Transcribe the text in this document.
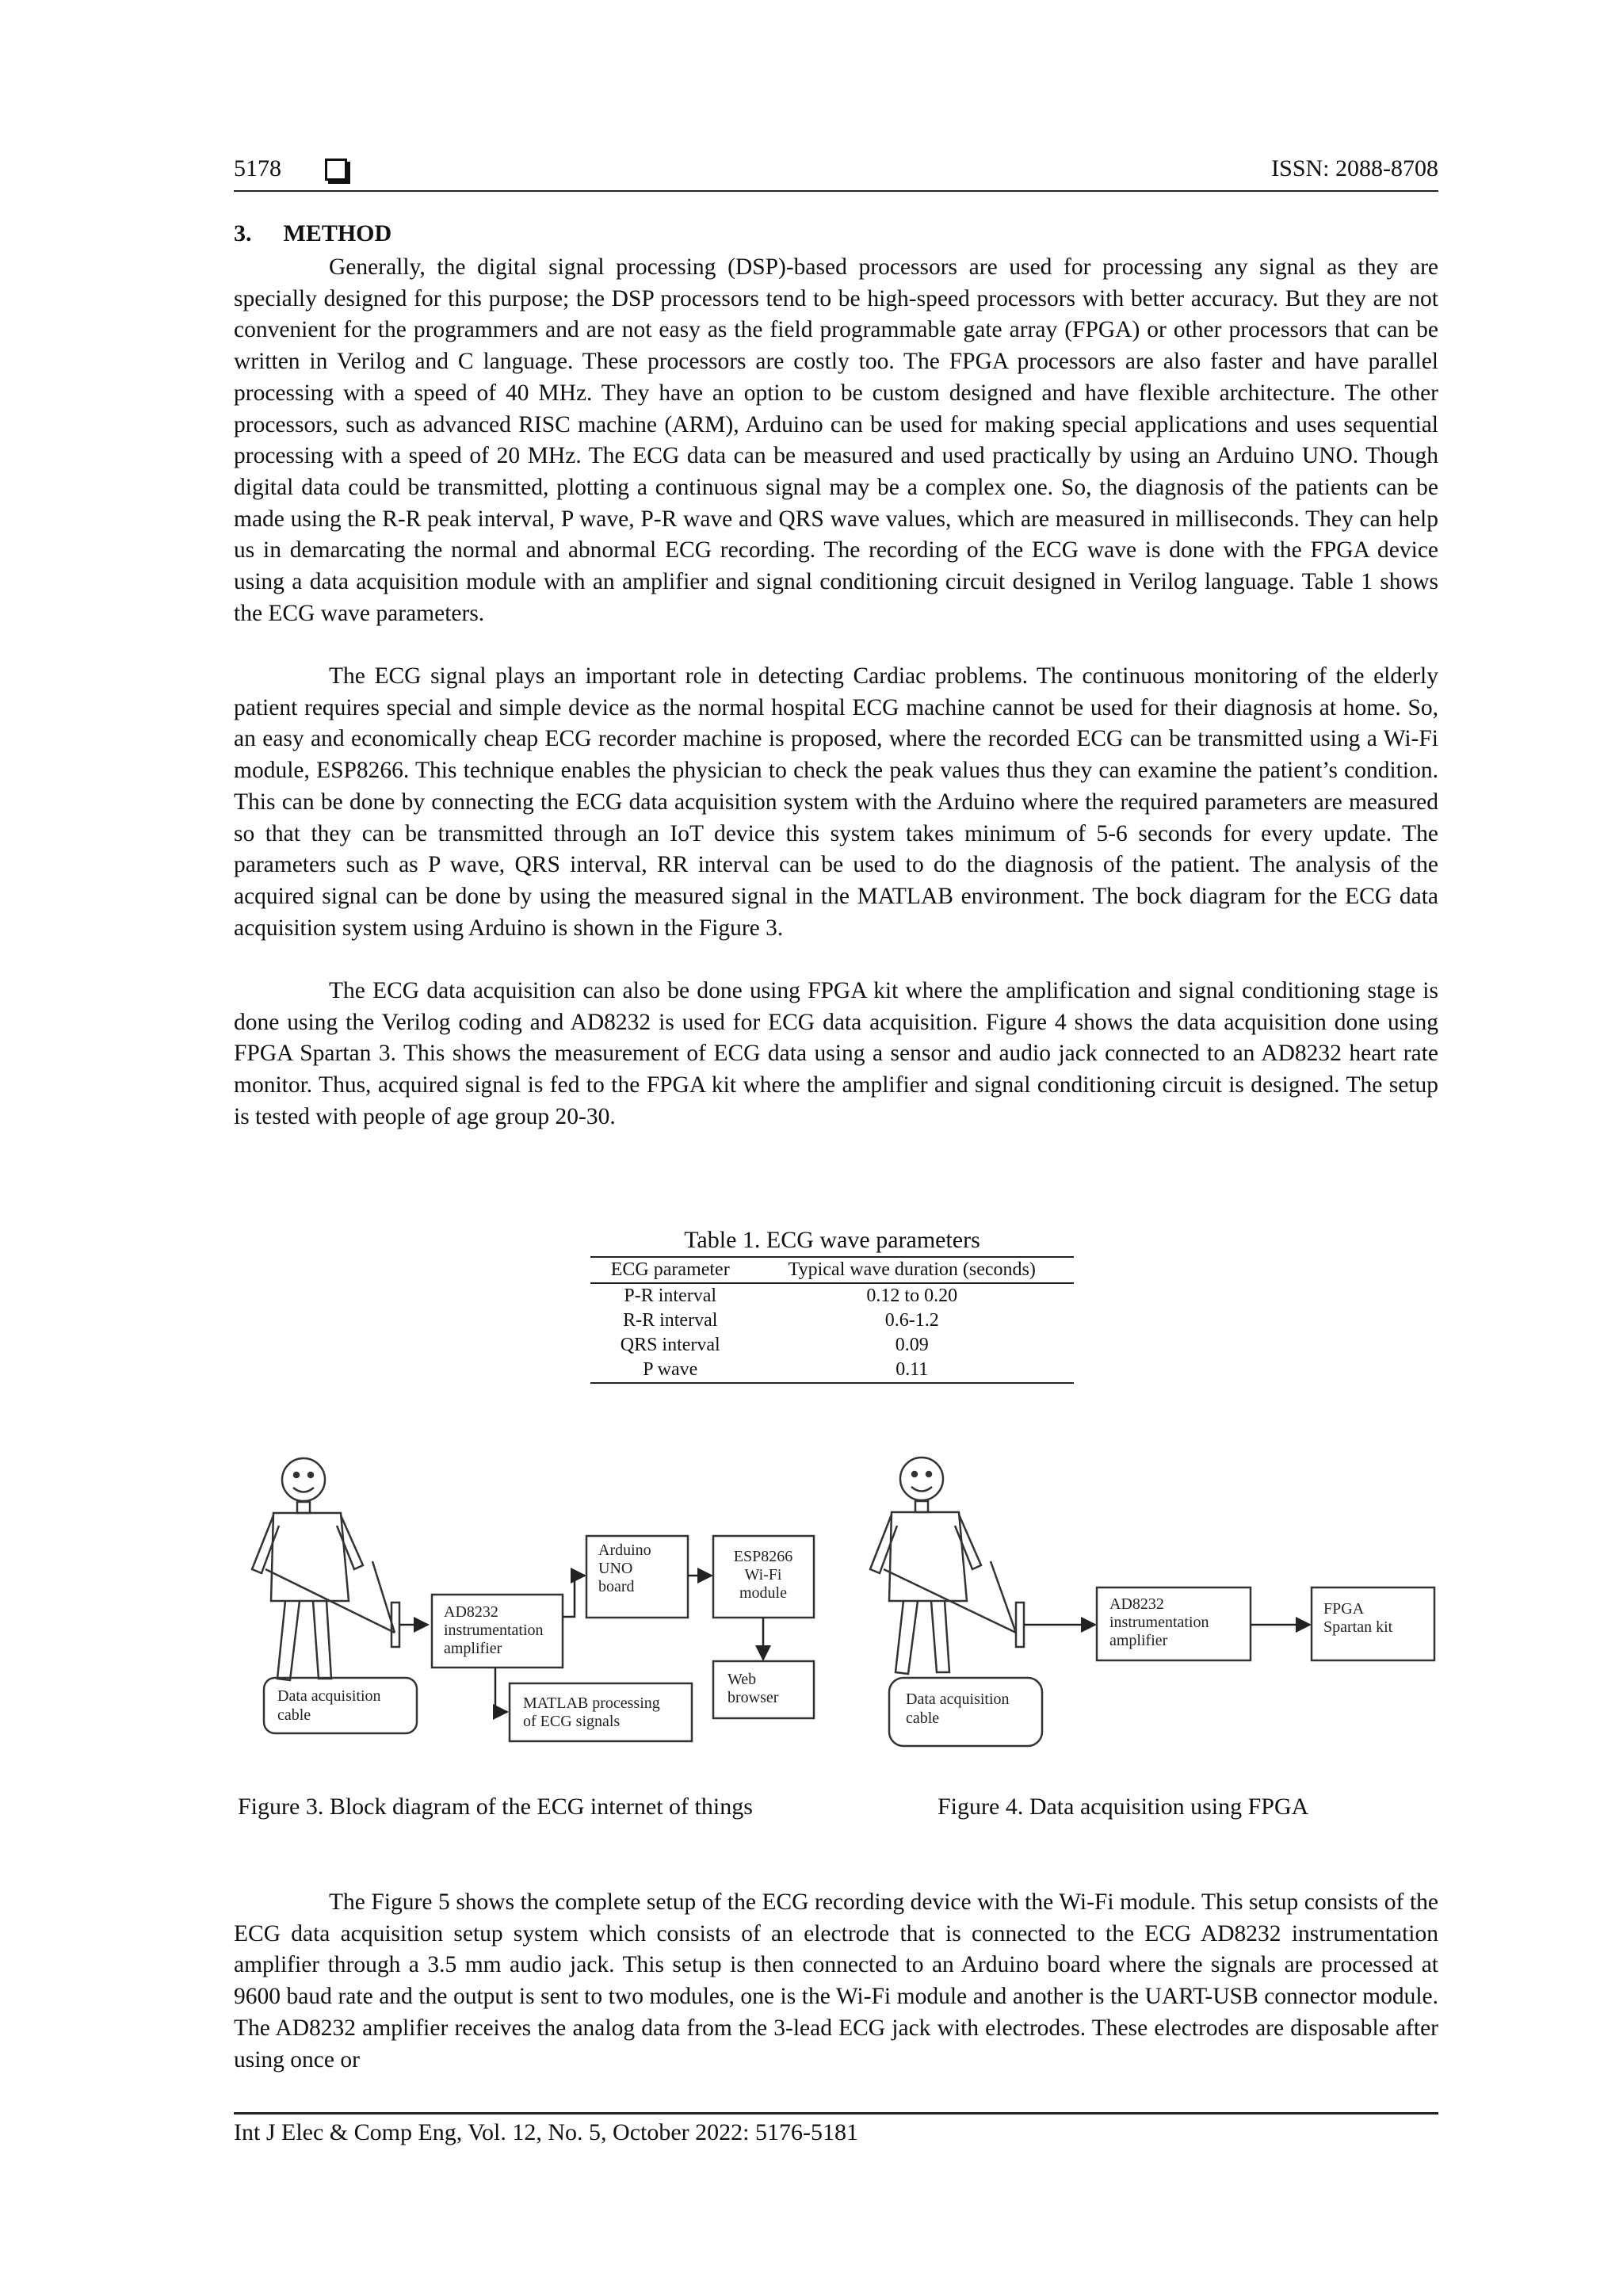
5178	ISSN: 2088-8708
3. METHOD

Generally, the digital signal processing (DSP)-based processors are used for processing any signal as they are specially designed for this purpose; the DSP processors tend to be high-speed processors with better accuracy. But they are not convenient for the programmers and are not easy as the field programmable gate array (FPGA) or other processors that can be written in Verilog and C language. These processors are costly too. The FPGA processors are also faster and have parallel processing with a speed of 40 MHz. They have an option to be custom designed and have flexible architecture. The other processors, such as advanced RISC machine (ARM), Arduino can be used for making special applications and uses sequential processing with a speed of 20 MHz. The ECG data can be measured and used practically by using an Arduino UNO. Though digital data could be transmitted, plotting a continuous signal may be a complex one. So, the diagnosis of the patients can be made using the R-R peak interval, P wave, P-R wave and QRS wave values, which are measured in milliseconds. They can help us in demarcating the normal and abnormal ECG recording. The recording of the ECG wave is done with the FPGA device using a data acquisition module with an amplifier and signal conditioning circuit designed in Verilog language. Table 1 shows the ECG wave parameters.

The ECG signal plays an important role in detecting Cardiac problems. The continuous monitoring of the elderly patient requires special and simple device as the normal hospital ECG machine cannot be used for their diagnosis at home. So, an easy and economically cheap ECG recorder machine is proposed, where the recorded ECG can be transmitted using a Wi-Fi module, ESP8266. This technique enables the physician to check the peak values thus they can examine the patient’s condition. This can be done by connecting the ECG data acquisition system with the Arduino where the required parameters are measured so that they can be transmitted through an IoT device this system takes minimum of 5-6 seconds for every update. The parameters such as P wave, QRS interval, RR interval can be used to do the diagnosis of the patient. The analysis of the acquired signal can be done by using the measured signal in the MATLAB environment. The bock diagram for the ECG data acquisition system using Arduino is shown in the Figure 3.

The ECG data acquisition can also be done using FPGA kit where the amplification and signal conditioning stage is done using the Verilog coding and AD8232 is used for ECG data acquisition. Figure 4 shows the data acquisition done using FPGA Spartan 3. This shows the measurement of ECG data using a sensor and audio jack connected to an AD8232 heart rate monitor. Thus, acquired signal is fed to the FPGA kit where the amplifier and signal conditioning circuit is designed. The setup is tested with people of age group 20-30.

Table 1. ECG wave parameters
ECG parameter	Typical wave duration (seconds)
P-R interval	0.12 to 0.20
R-R interval	0.6-1.2
QRS interval	0.09
P wave	0.11
Data acquisition
cable
AD8232
instrumentation
amplifier
Arduino
UNO
board
ESP8266
Wi-Fi
module
Web
browser
MATLAB processing
of ECG signals
Data acquisition
cable
AD8232
instrumentation
amplifier
FPGA
Spartan kit
Figure 3. Block diagram of the ECG internet of things	Figure 4. Data acquisition using FPGA

The Figure 5 shows the complete setup of the ECG recording device with the Wi-Fi module. This setup consists of the ECG data acquisition setup system which consists of an electrode that is connected to the ECG AD8232 instrumentation amplifier through a 3.5 mm audio jack. This setup is then connected to an Arduino board where the signals are processed at 9600 baud rate and the output is sent to two modules, one is the Wi-Fi module and another is the UART-USB connector module. The AD8232 amplifier receives the analog data from the 3-lead ECG jack with electrodes. These electrodes are disposable after using once or

Int J Elec & Comp Eng, Vol. 12, No. 5, October 2022: 5176-5181
